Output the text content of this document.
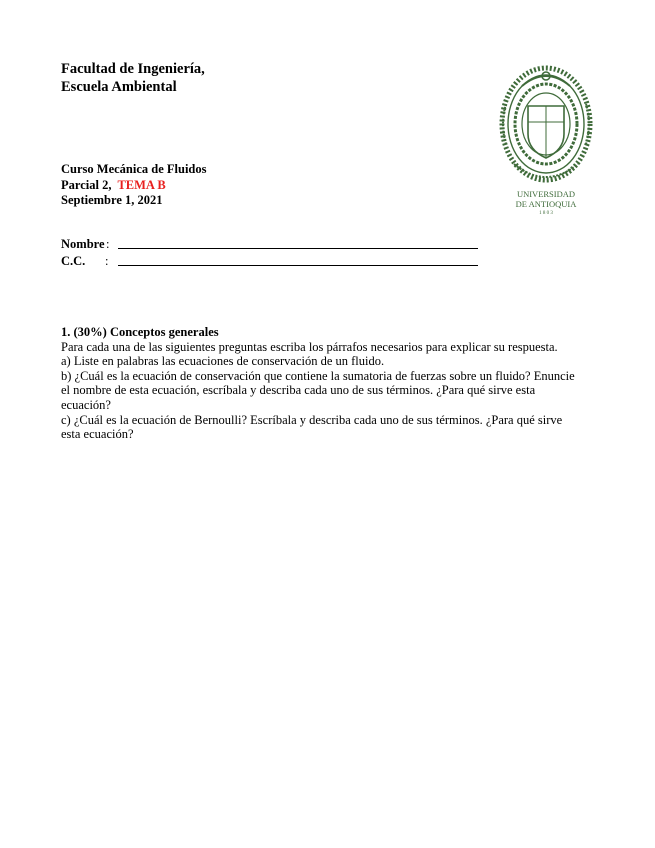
Facultad de Ingeniería,
Escuela Ambiental
Curso Mecánica de Fluidos
Parcial 2, TEMA B
Septiembre 1, 2021	UNIVERSIDAD
DE ANTIOQUIA
1 8 0 3
Nombre :
C.C. :
1. (30%) Conceptos generales
Para cada una de las siguientes preguntas escriba los párrafos necesarios para explicar su respuesta.
a) Liste en palabras las ecuaciones de conservación de un fluido.
b) ¿Cuál es la ecuación de conservación que contiene la sumatoria de fuerzas sobre un fluido? Enuncie
el nombre de esta ecuación, escríbala y describa cada uno de sus términos. ¿Para qué sirve esta
ecuación?
c) ¿Cuál es la ecuación de Bernoulli? Escríbala y describa cada uno de sus términos. ¿Para qué sirve
esta ecuación?
